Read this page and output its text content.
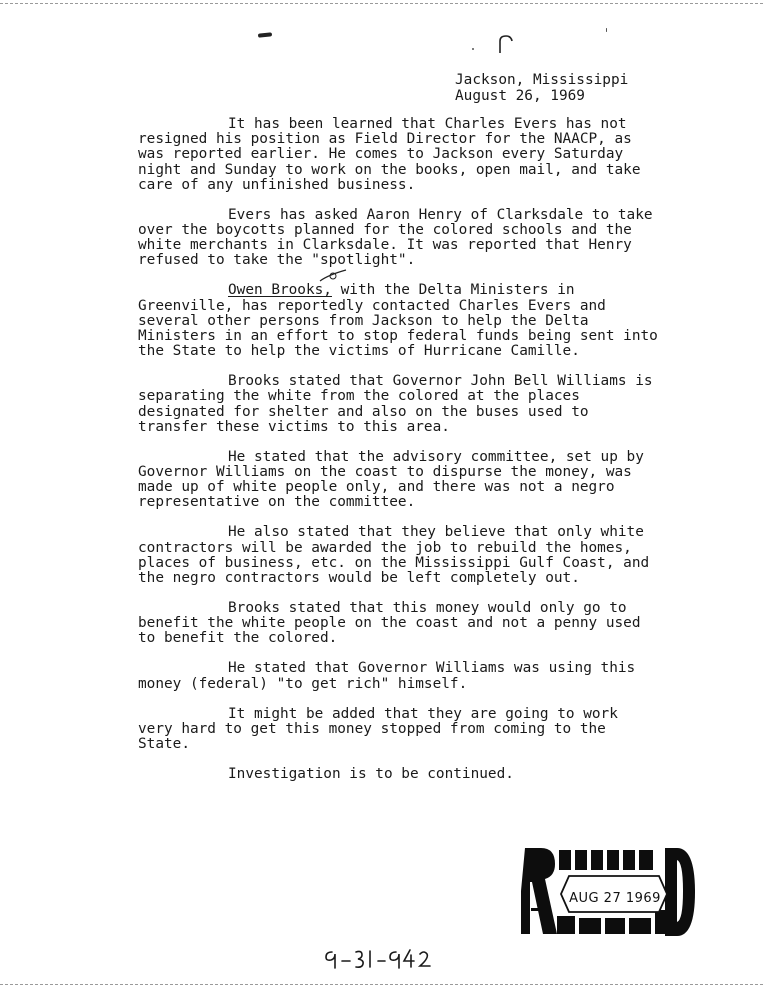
Jackson, Mississippi
August 26, 1969

It has been learned that Charles Evers has not resigned his position as Field Director for the NAACP, as was reported earlier. He comes to Jackson every Saturday night and Sunday to work on the books, open mail, and take care of any unfinished business.

Evers has asked Aaron Henry of Clarksdale to take over the boycotts planned for the colored schools and the white merchants in Clarksdale. It was reported that Henry refused to take the "spotlight".

Owen Brooks, with the Delta Ministers in Greenville, has reportedly contacted Charles Evers and several other persons from Jackson to help the Delta Ministers in an effort to stop federal funds being sent into the State to help the victims of Hurricane Camille.

Brooks stated that Governor John Bell Williams is separating the white from the colored at the places designated for shelter and also on the buses used to transfer these victims to this area.

He stated that the advisory committee, set up by Governor Williams on the coast to dispurse the money, was made up of white people only, and there was not a negro representative on the committee.

He also stated that they believe that only white contractors will be awarded the job to rebuild the homes, places of business, etc. on the Mississippi Gulf Coast, and the negro contractors would be left completely out.

Brooks stated that this money would only go to benefit the white people on the coast and not a penny used to benefit the colored.

He stated that Governor Williams was using this money (federal) "to get rich" himself.

It might be added that they are going to work very hard to get this money stopped from coming to the State.

Investigation is to be continued.

AUG 27 1969
